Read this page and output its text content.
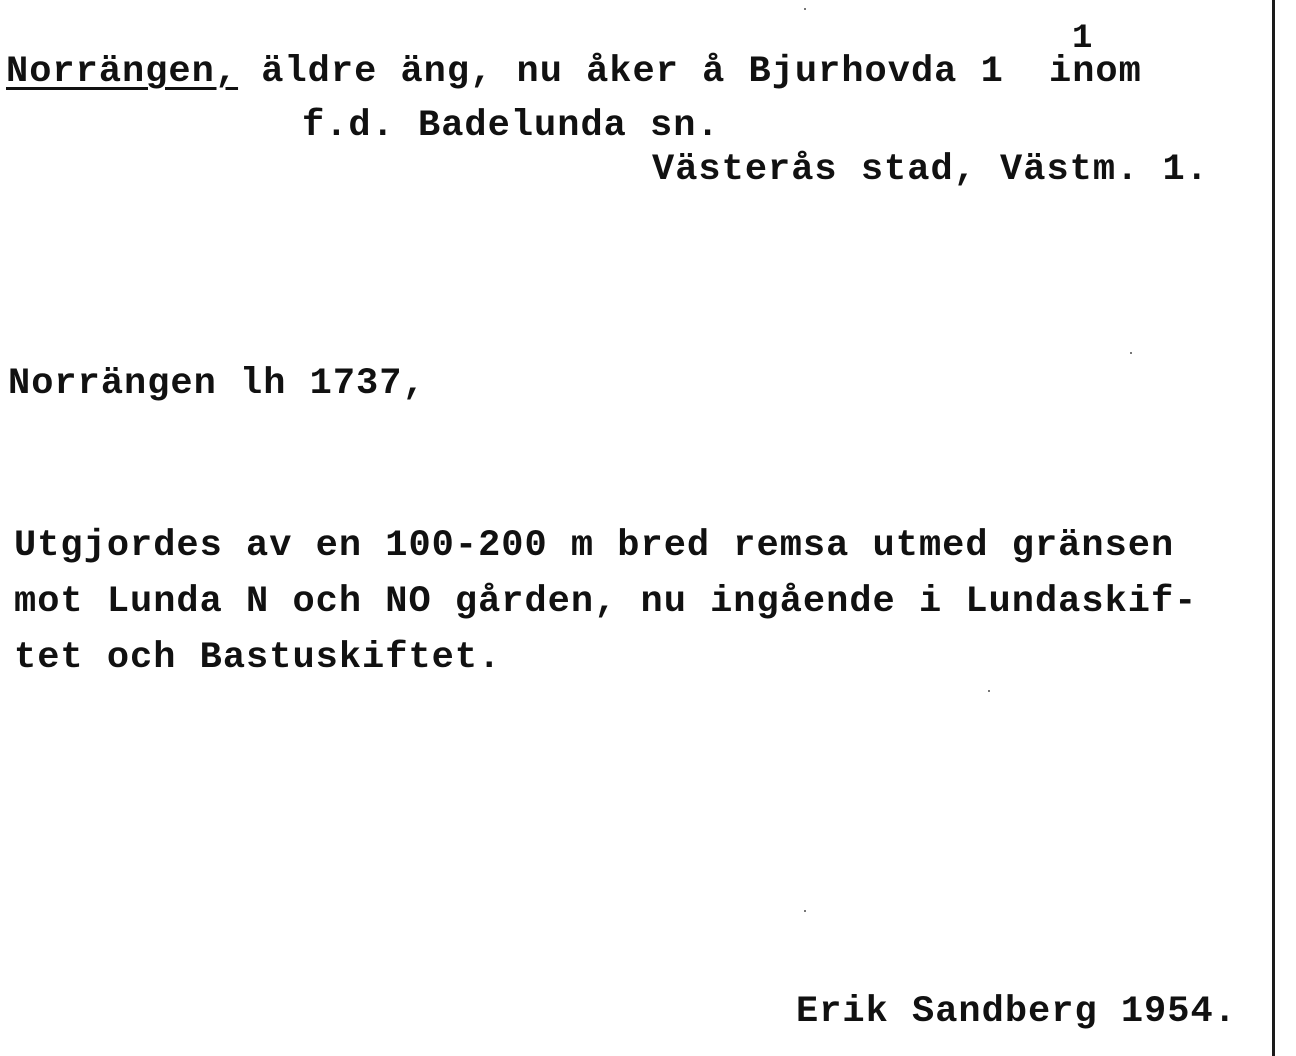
Norrängen, äldre äng, nu åker å Bjurhovda 1 inom
1
f.d. Badelunda sn.
Västerås stad, Västm. 1.
Norrängen lh 1737,
Utgjordes av en 100-200 m bred remsa utmed gränsen
mot Lunda N och NO gården, nu ingående i Lundaskif-
tet och Bastuskiftet.
Erik Sandberg 1954.
